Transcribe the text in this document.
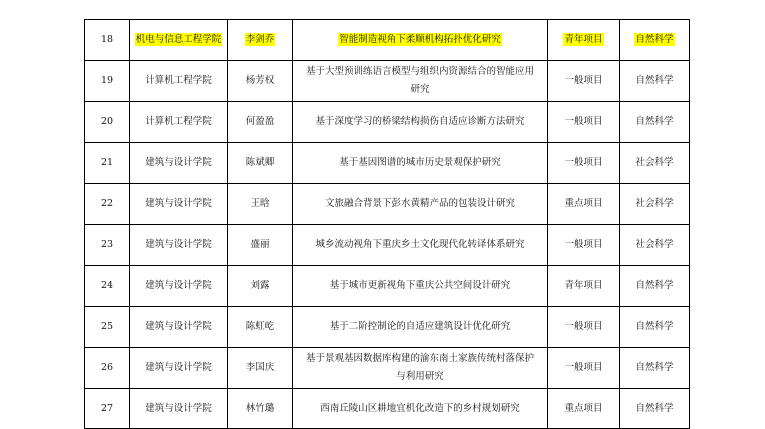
18	机电与信息工程学院	李剑乔	智能制造视角下柔顺机构拓扑优化研究	青年项目	自然科学
19	计算机工程学院	杨芳权	基于大型预训练语言模型与组织内资源结合的智能应用研究	一般项目	自然科学
20	计算机工程学院	何盈盈	基于深度学习的桥梁结构损伤自适应诊断方法研究	一般项目	自然科学
21	建筑与设计学院	陈斌卿	基于基因图谱的城市历史景观保护研究	一般项目	社会科学
22	建筑与设计学院	王晗	文旅融合背景下彭水黄精产品的包装设计研究	重点项目	社会科学
23	建筑与设计学院	盛丽	城乡流动视角下重庆乡土文化现代化转译体系研究	一般项目	社会科学
24	建筑与设计学院	刘露	基于城市更新视角下重庆公共空间设计研究	青年项目	自然科学
25	建筑与设计学院	陈虹屹	基于二阶控制论的自适应建筑设计优化研究	一般项目	自然科学
26	建筑与设计学院	李国庆	基于景观基因数据库构建的渝东南土家族传统村落保护与利用研究	一般项目	自然科学
27	建筑与设计学院	林竹璐	西南丘陵山区耕地宜机化改造下的乡村规划研究	重点项目	自然科学
